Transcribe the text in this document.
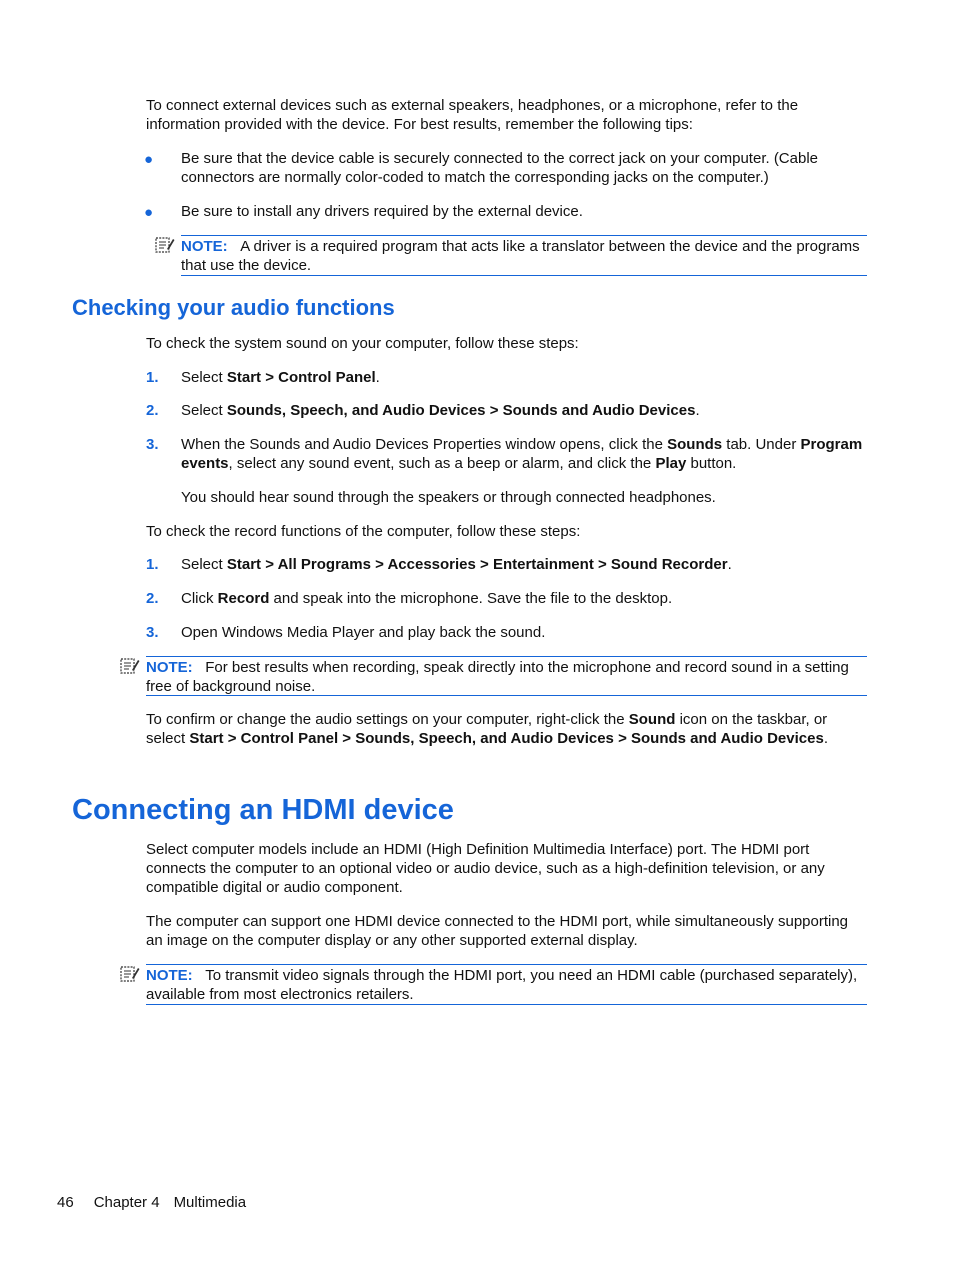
To connect external devices such as external speakers, headphones, or a microphone, refer to the information provided with the device. For best results, remember the following tips:
● Be sure that the device cable is securely connected to the correct jack on your computer. (Cable connectors are normally color-coded to match the corresponding jacks on the computer.)
● Be sure to install any drivers required by the external device.
NOTE: A driver is a required program that acts like a translator between the device and the programs that use the device.
Checking your audio functions
To check the system sound on your computer, follow these steps:
1. Select Start > Control Panel.
2. Select Sounds, Speech, and Audio Devices > Sounds and Audio Devices.
3. When the Sounds and Audio Devices Properties window opens, click the Sounds tab. Under Program events, select any sound event, such as a beep or alarm, and click the Play button.
You should hear sound through the speakers or through connected headphones.
To check the record functions of the computer, follow these steps:
1. Select Start > All Programs > Accessories > Entertainment > Sound Recorder.
2. Click Record and speak into the microphone. Save the file to the desktop.
3. Open Windows Media Player and play back the sound.
NOTE: For best results when recording, speak directly into the microphone and record sound in a setting free of background noise.
To confirm or change the audio settings on your computer, right-click the Sound icon on the taskbar, or select Start > Control Panel > Sounds, Speech, and Audio Devices > Sounds and Audio Devices.
Connecting an HDMI device
Select computer models include an HDMI (High Definition Multimedia Interface) port. The HDMI port connects the computer to an optional video or audio device, such as a high-definition television, or any compatible digital or audio component.
The computer can support one HDMI device connected to the HDMI port, while simultaneously supporting an image on the computer display or any other supported external display.
NOTE: To transmit video signals through the HDMI port, you need an HDMI cable (purchased separately), available from most electronics retailers.
46 Chapter 4 Multimedia
